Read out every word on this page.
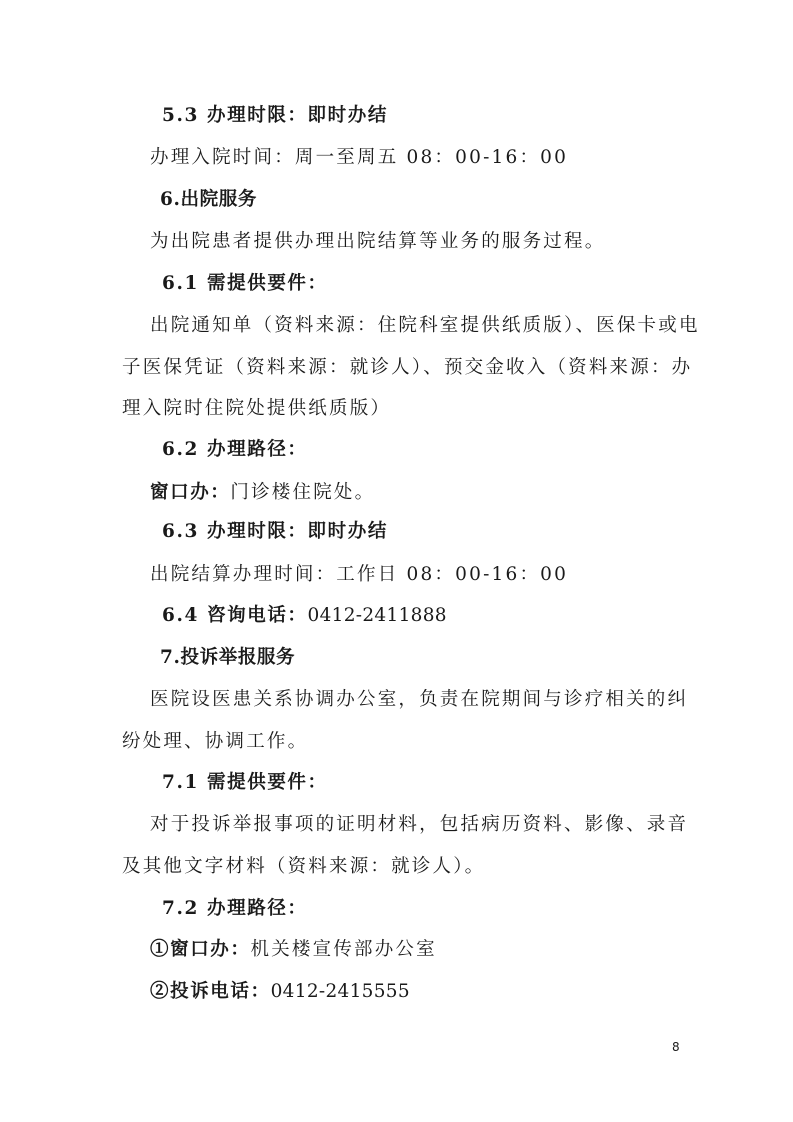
5.3 办理时限：即时办结
办理入院时间：周一至周五 08：00-16：00
6.出院服务
为出院患者提供办理出院结算等业务的服务过程。
6.1 需提供要件：
出院通知单（资料来源：住院科室提供纸质版）、医保卡或电
子医保凭证（资料来源：就诊人）、预交金收入（资料来源：办
理入院时住院处提供纸质版）
6.2 办理路径：
窗口办：门诊楼住院处。
6.3 办理时限：即时办结
出院结算办理时间：工作日 08：00-16：00
6.4 咨询电话：0412-2411888
7.投诉举报服务
医院设医患关系协调办公室，负责在院期间与诊疗相关的纠
纷处理、协调工作。
7.1 需提供要件：
对于投诉举报事项的证明材料，包括病历资料、影像、录音
及其他文字材料（资料来源：就诊人）。
7.2 办理路径：
①窗口办：机关楼宣传部办公室
②投诉电话：0412-2415555
8
